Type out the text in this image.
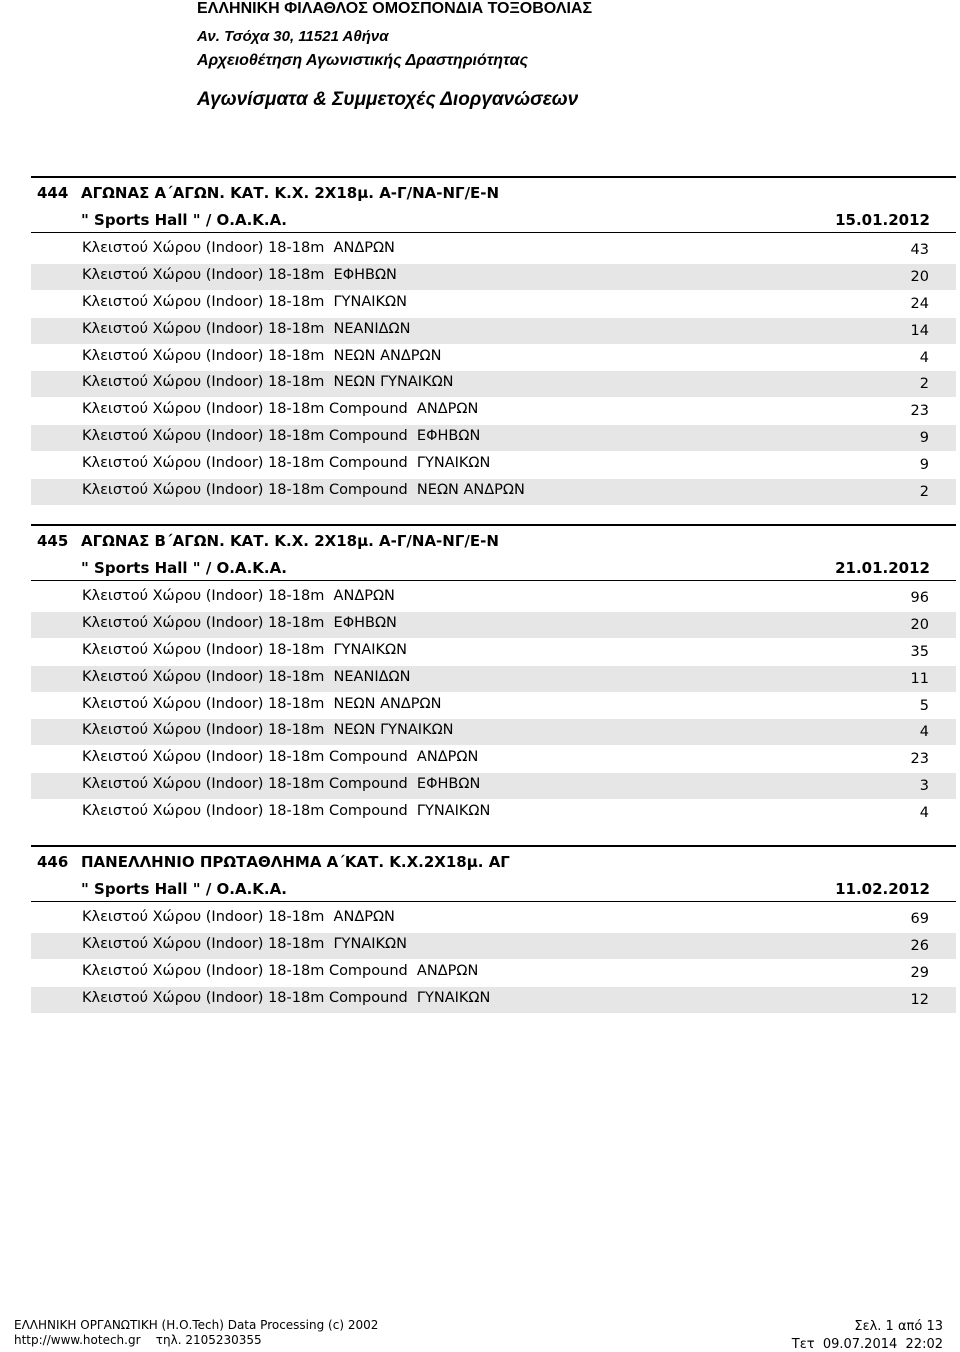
ΕΛΛΗΝΙΚΗ ΦΙΛΑΘΛΟΣ ΟΜΟΣΠΟΝΔΙΑ ΤΟΞΟΒΟΛΙΑΣ
Αν. Τσόχα 30, 11521 Αθήνα
Αρχειοθέτηση Αγωνιστικής Δραστηριότητας
Αγωνίσματα & Συμμετοχές Διοργανώσεων
444 ΑΓΩΝΑΣ Α΄ΑΓΩΝ. ΚΑΤ. Κ.Χ. 2Χ18μ. Α-Γ/ΝΑ-ΝΓ/Ε-Ν
" Sports Hall " / Ο.Α.Κ.Α.	15.01.2012
Κλειστού Χώρου (Indoor) 18-18m  ΑΝΔΡΩΝ	43
Κλειστού Χώρου (Indoor) 18-18m  ΕΦΗΒΩΝ	20
Κλειστού Χώρου (Indoor) 18-18m  ΓΥΝΑΙΚΩΝ	24
Κλειστού Χώρου (Indoor) 18-18m  ΝΕΑΝΙΔΩΝ	14
Κλειστού Χώρου (Indoor) 18-18m  ΝΕΩΝ ΑΝΔΡΩΝ	4
Κλειστού Χώρου (Indoor) 18-18m  ΝΕΩΝ ΓΥΝΑΙΚΩΝ	2
Κλειστού Χώρου (Indoor) 18-18m Compound  ΑΝΔΡΩΝ	23
Κλειστού Χώρου (Indoor) 18-18m Compound  ΕΦΗΒΩΝ	9
Κλειστού Χώρου (Indoor) 18-18m Compound  ΓΥΝΑΙΚΩΝ	9
Κλειστού Χώρου (Indoor) 18-18m Compound  ΝΕΩΝ ΑΝΔΡΩΝ	2
445 ΑΓΩΝΑΣ Β΄ΑΓΩΝ. ΚΑΤ. Κ.Χ. 2Χ18μ. Α-Γ/ΝΑ-ΝΓ/Ε-Ν
" Sports Hall " / Ο.Α.Κ.Α.	21.01.2012
Κλειστού Χώρου (Indoor) 18-18m  ΑΝΔΡΩΝ	96
Κλειστού Χώρου (Indoor) 18-18m  ΕΦΗΒΩΝ	20
Κλειστού Χώρου (Indoor) 18-18m  ΓΥΝΑΙΚΩΝ	35
Κλειστού Χώρου (Indoor) 18-18m  ΝΕΑΝΙΔΩΝ	11
Κλειστού Χώρου (Indoor) 18-18m  ΝΕΩΝ ΑΝΔΡΩΝ	5
Κλειστού Χώρου (Indoor) 18-18m  ΝΕΩΝ ΓΥΝΑΙΚΩΝ	4
Κλειστού Χώρου (Indoor) 18-18m Compound  ΑΝΔΡΩΝ	23
Κλειστού Χώρου (Indoor) 18-18m Compound  ΕΦΗΒΩΝ	3
Κλειστού Χώρου (Indoor) 18-18m Compound  ΓΥΝΑΙΚΩΝ	4
446 ΠΑΝΕΛΛΗΝΙΟ ΠΡΩΤΑΘΛΗΜΑ Α΄ΚΑΤ. Κ.Χ.2Χ18μ. ΑΓ
" Sports Hall " / Ο.Α.Κ.Α.	11.02.2012
Κλειστού Χώρου (Indoor) 18-18m  ΑΝΔΡΩΝ	69
Κλειστού Χώρου (Indoor) 18-18m  ΓΥΝΑΙΚΩΝ	26
Κλειστού Χώρου (Indoor) 18-18m Compound  ΑΝΔΡΩΝ	29
Κλειστού Χώρου (Indoor) 18-18m Compound  ΓΥΝΑΙΚΩΝ	12
ΕΛΛΗΝΙΚΗ ΟΡΓΑΝΩΤΙΚΗ (Η.Ο.Tech) Data Processing (c) 2002
http://www.hotech.gr    τηλ. 2105230355
Σελ. 1 από 13
Τετ  09.07.2014  22:02
